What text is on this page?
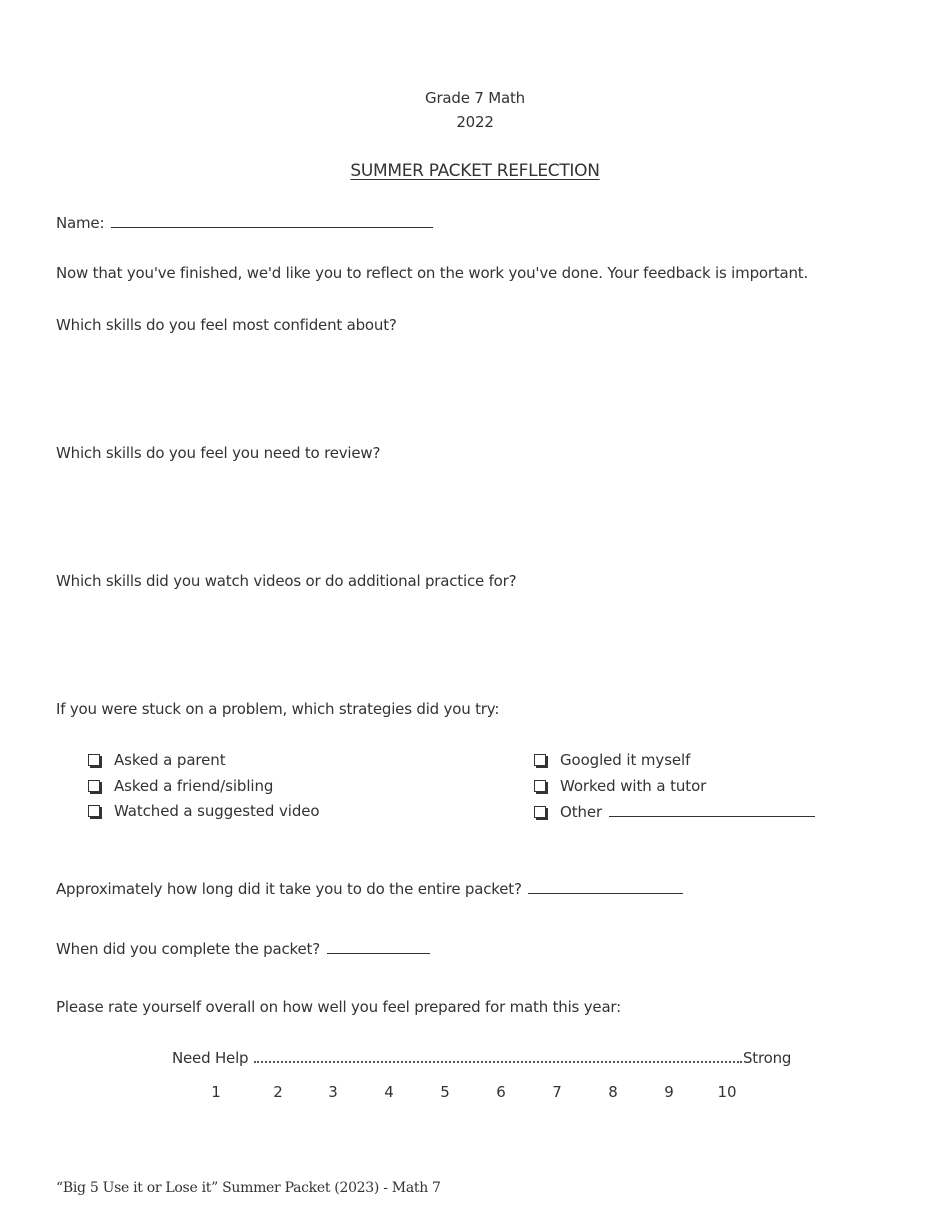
Grade 7 Math
2022
SUMMER PACKET REFLECTION
Name:
Now that you've finished, we'd like you to reflect on the work you've done. Your feedback is important.
Which skills do you feel most confident about?
Which skills do you feel you need to review?
Which skills did you watch videos or do additional practice for?
If you were stuck on a problem, which strategies did you try:
Asked a parent
Asked a friend/sibling
Watched a suggested video
Googled it myself
Worked with a tutor
Other
Approximately how long did it take you to do the entire packet?
When did you complete the packet?
Please rate yourself overall on how well you feel prepared for math this year:
Need Help	Strong
1	2	3	4	5	6	7	8	9	10
“Big 5 Use it or Lose it” Summer Packet (2023) - Math 7
